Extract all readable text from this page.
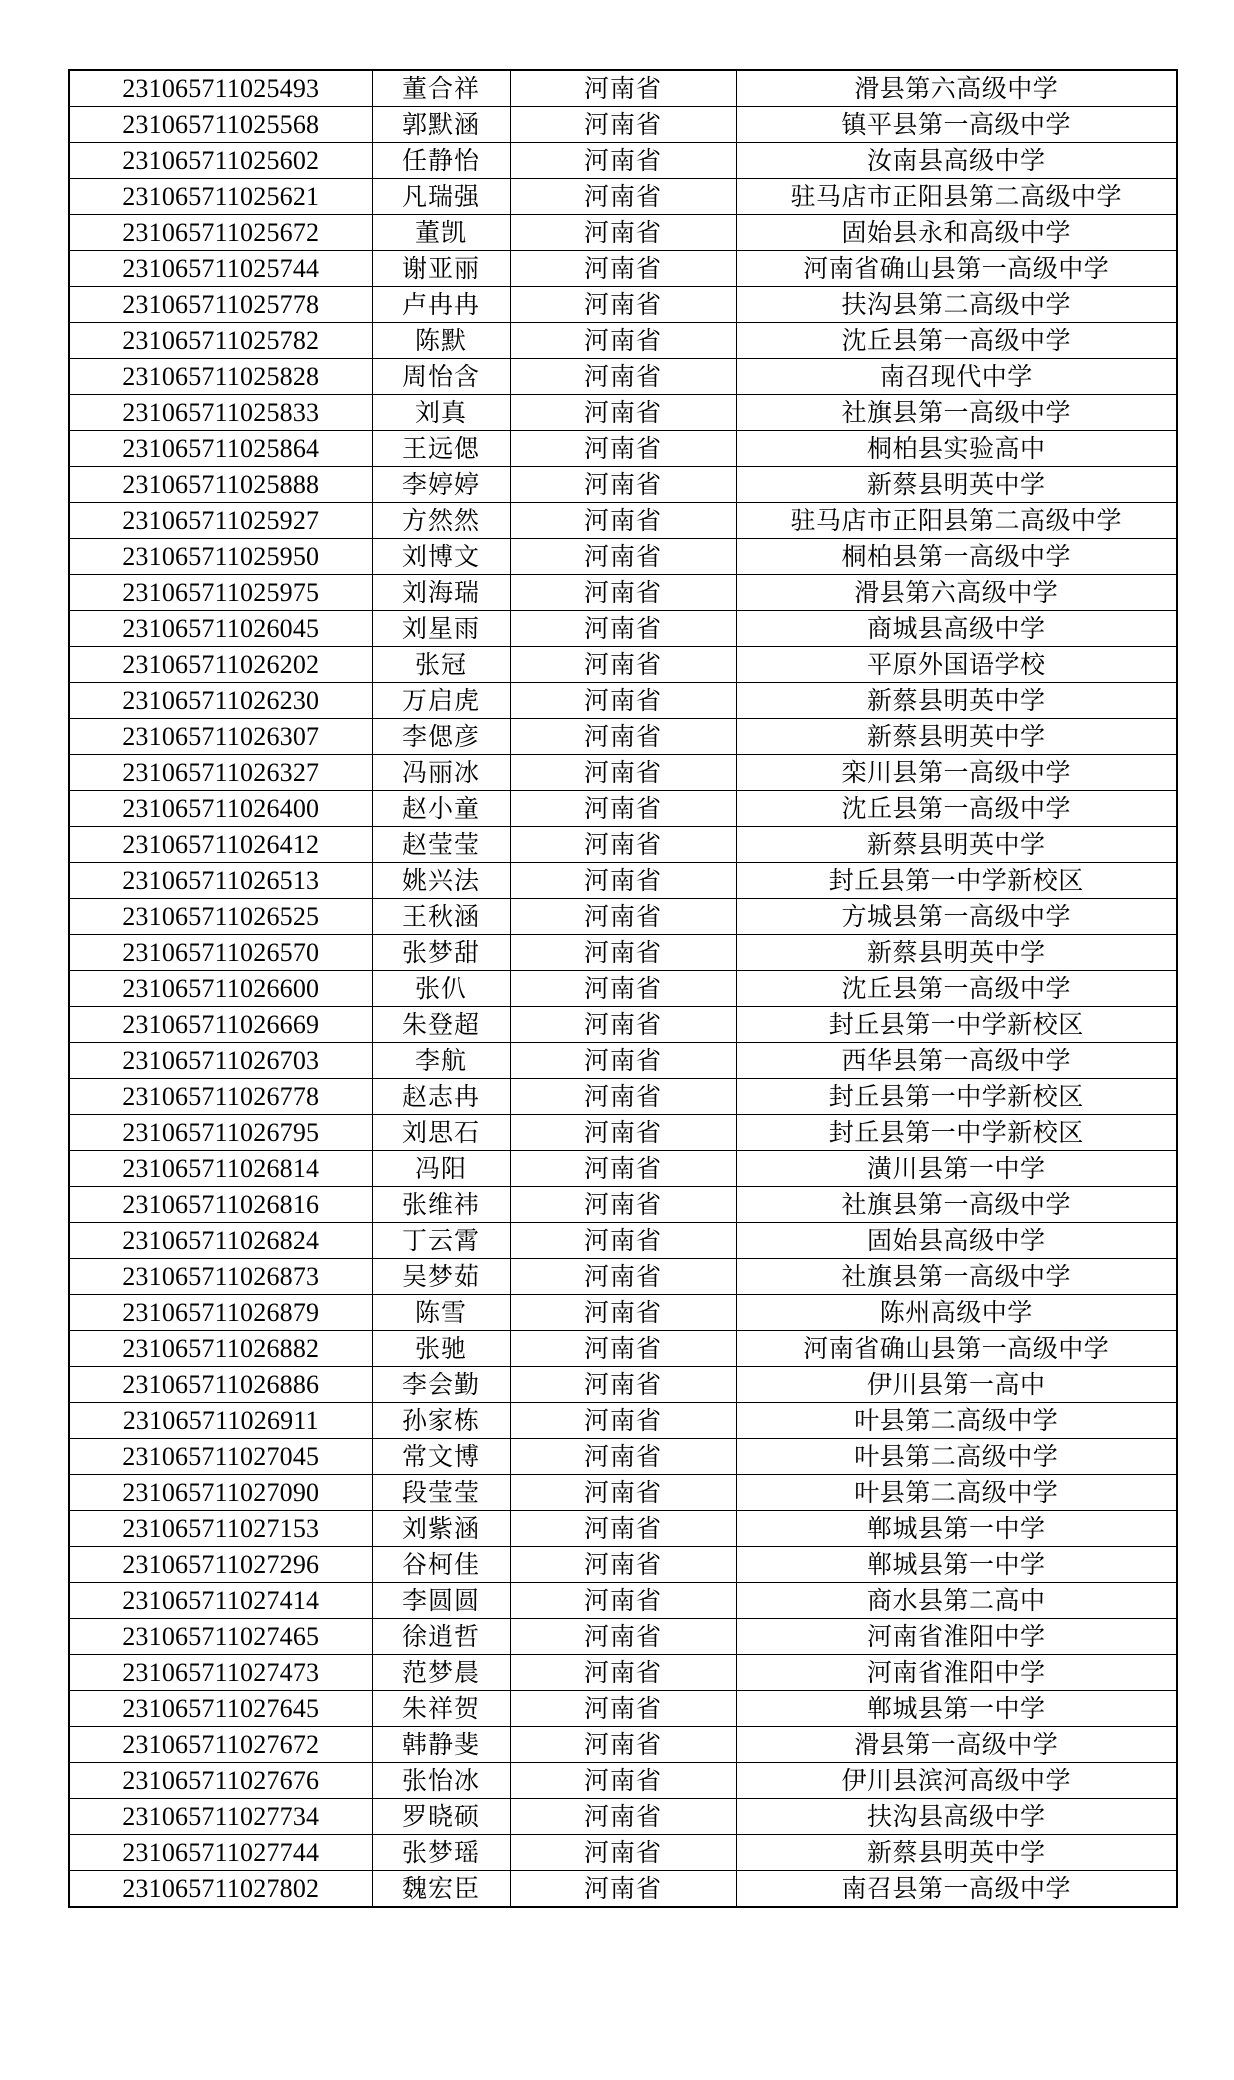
231065711025493	董合祥	河南省	滑县第六高级中学
231065711025568	郭默涵	河南省	镇平县第一高级中学
231065711025602	任静怡	河南省	汝南县高级中学
231065711025621	凡瑞强	河南省	驻马店市正阳县第二高级中学
231065711025672	董凯	河南省	固始县永和高级中学
231065711025744	谢亚丽	河南省	河南省确山县第一高级中学
231065711025778	卢冉冉	河南省	扶沟县第二高级中学
231065711025782	陈默	河南省	沈丘县第一高级中学
231065711025828	周怡含	河南省	南召现代中学
231065711025833	刘真	河南省	社旗县第一高级中学
231065711025864	王远偲	河南省	桐柏县实验高中
231065711025888	李婷婷	河南省	新蔡县明英中学
231065711025927	方然然	河南省	驻马店市正阳县第二高级中学
231065711025950	刘博文	河南省	桐柏县第一高级中学
231065711025975	刘海瑞	河南省	滑县第六高级中学
231065711026045	刘星雨	河南省	商城县高级中学
231065711026202	张冠	河南省	平原外国语学校
231065711026230	万启虎	河南省	新蔡县明英中学
231065711026307	李偲彦	河南省	新蔡县明英中学
231065711026327	冯丽冰	河南省	栾川县第一高级中学
231065711026400	赵小童	河南省	沈丘县第一高级中学
231065711026412	赵莹莹	河南省	新蔡县明英中学
231065711026513	姚兴法	河南省	封丘县第一中学新校区
231065711026525	王秋涵	河南省	方城县第一高级中学
231065711026570	张梦甜	河南省	新蔡县明英中学
231065711026600	张仈	河南省	沈丘县第一高级中学
231065711026669	朱登超	河南省	封丘县第一中学新校区
231065711026703	李航	河南省	西华县第一高级中学
231065711026778	赵志冉	河南省	封丘县第一中学新校区
231065711026795	刘思石	河南省	封丘县第一中学新校区
231065711026814	冯阳	河南省	潢川县第一中学
231065711026816	张维祎	河南省	社旗县第一高级中学
231065711026824	丁云霄	河南省	固始县高级中学
231065711026873	吴梦茹	河南省	社旗县第一高级中学
231065711026879	陈雪	河南省	陈州高级中学
231065711026882	张驰	河南省	河南省确山县第一高级中学
231065711026886	李会勤	河南省	伊川县第一高中
231065711026911	孙家栋	河南省	叶县第二高级中学
231065711027045	常文博	河南省	叶县第二高级中学
231065711027090	段莹莹	河南省	叶县第二高级中学
231065711027153	刘紫涵	河南省	郸城县第一中学
231065711027296	谷柯佳	河南省	郸城县第一中学
231065711027414	李圆圆	河南省	商水县第二高中
231065711027465	徐逍哲	河南省	河南省淮阳中学
231065711027473	范梦晨	河南省	河南省淮阳中学
231065711027645	朱祥贺	河南省	郸城县第一中学
231065711027672	韩静斐	河南省	滑县第一高级中学
231065711027676	张怡冰	河南省	伊川县滨河高级中学
231065711027734	罗晓硕	河南省	扶沟县高级中学
231065711027744	张梦瑶	河南省	新蔡县明英中学
231065711027802	魏宏臣	河南省	南召县第一高级中学
